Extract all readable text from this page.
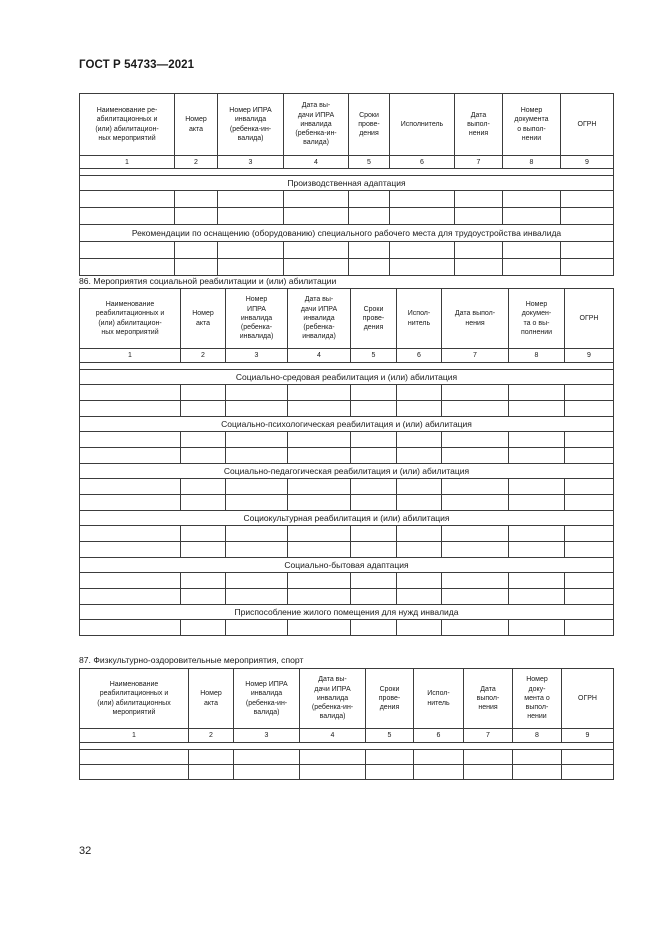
ГОСТ Р 54733—2021
Наименование ре-
абилитационных и
(или) абилитацион-
ных мероприятий	Номер
акта	Номер ИПРА
инвалида
(ребенка-ин-
валида)	Дата вы-
дачи ИПРА
инвалида
(ребенка-ин-
валида)	Сроки
прове-
дения	Исполнитель	Дата
выпол-
нения	Номер
документа
о выпол-
нении	ОГРН
1	2	3	4	5	6	7	8	9

Производственная адаптация								

Рекомендации по оснащению (оборудованию) специального рабочего места для трудоустройства инвалида								

86. Мероприятия социальной реабилитации и (или) абилитации
Наименование
реабилитационных и
(или) абилитацион-
ных мероприятий	Номер
акта	Номер
ИПРА
инвалида
(ребенка-
инвалида)	Дата вы-
дачи ИПРА
инвалида
(ребенка-
инвалида)	Сроки
прове-
дения	Испол-
нитель	Дата выпол-
нения	Номер
докумен-
та о вы-
полнении	ОГРН
1	2	3	4	5	6	7	8	9

Социально-средовая реабилитация и (или) абилитация								

Социально-психологическая реабилитация и (или) абилитация								

Социально-педагогическая реабилитация и (или) абилитация								

Социокультурная реабилитация и (или) абилитация								

Социально-бытовая адаптация								

Приспособление жилого помещения для нужд инвалида								

87. Физкультурно-оздоровительные мероприятия, спорт
Наименование
реабилитационных и
(или) абилитационных
мероприятий	Номер
акта	Номер ИПРА
инвалида
(ребенка-ин-
валида)	Дата вы-
дачи ИПРА
инвалида
(ребенка-ин-
валида)	Сроки
прове-
дения	Испол-
нитель	Дата
выпол-
нения	Номер
доку-
мента о
выпол-
нении	ОГРН
1	2	3	4	5	6	7	8	9

32
